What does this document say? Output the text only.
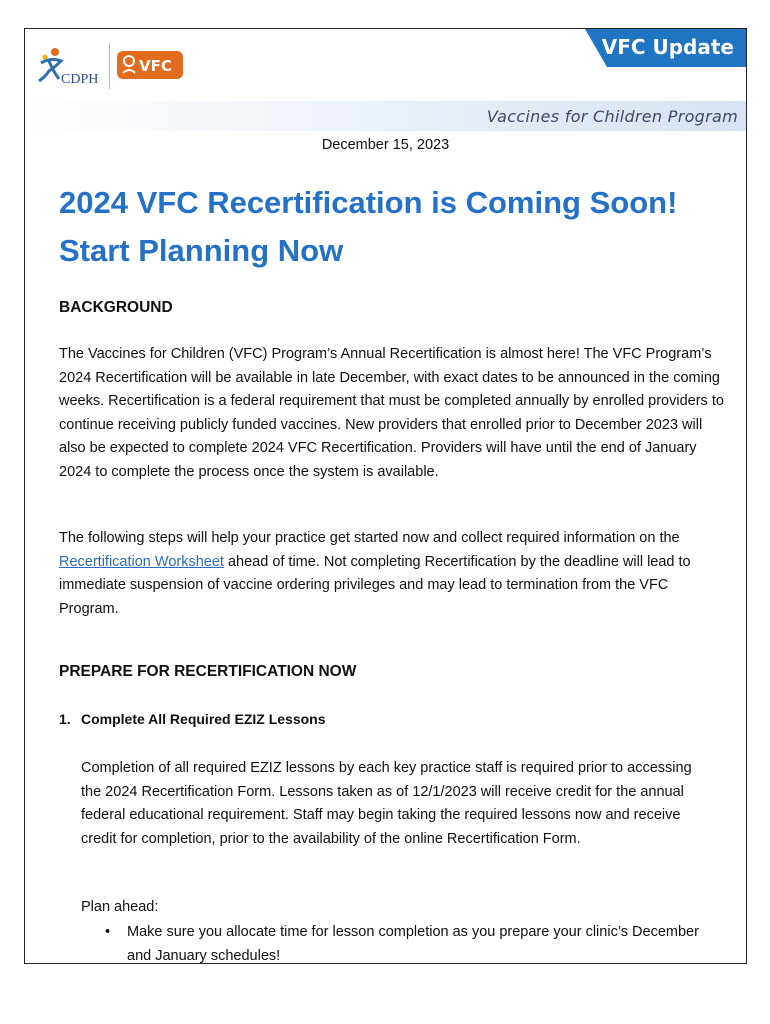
VFC Update
Vaccines for Children Program
CDPH
VFC
December 15, 2023
2024 VFC Recertification is Coming Soon!
Start Planning Now
BACKGROUND

The Vaccines for Children (VFC) Program’s Annual Recertification is almost here! The VFC Program’s 2024 Recertification will be available in late December, with exact dates to be announced in the coming weeks. Recertification is a federal requirement that must be completed annually by enrolled providers to continue receiving publicly funded vaccines. New providers that enrolled prior to December 2023 will also be expected to complete 2024 VFC Recertification. Providers will have until the end of January 2024 to complete the process once the system is available.

The following steps will help your practice get started now and collect required information on the Recertification Worksheet ahead of time. Not completing Recertification by the deadline will lead to immediate suspension of vaccine ordering privileges and may lead to termination from the VFC Program.

PREPARE FOR RECERTIFICATION NOW

1. Complete All Required EZIZ Lessons

Completion of all required EZIZ lessons by each key practice staff is required prior to accessing the 2024 Recertification Form. Lessons taken as of 12/1/2023 will receive credit for the annual federal educational requirement. Staff may begin taking the required lessons now and receive credit for completion, prior to the availability of the online Recertification Form.

Plan ahead:

•	Make sure you allocate time for lesson completion as you prepare your clinic’s December and January schedules!
